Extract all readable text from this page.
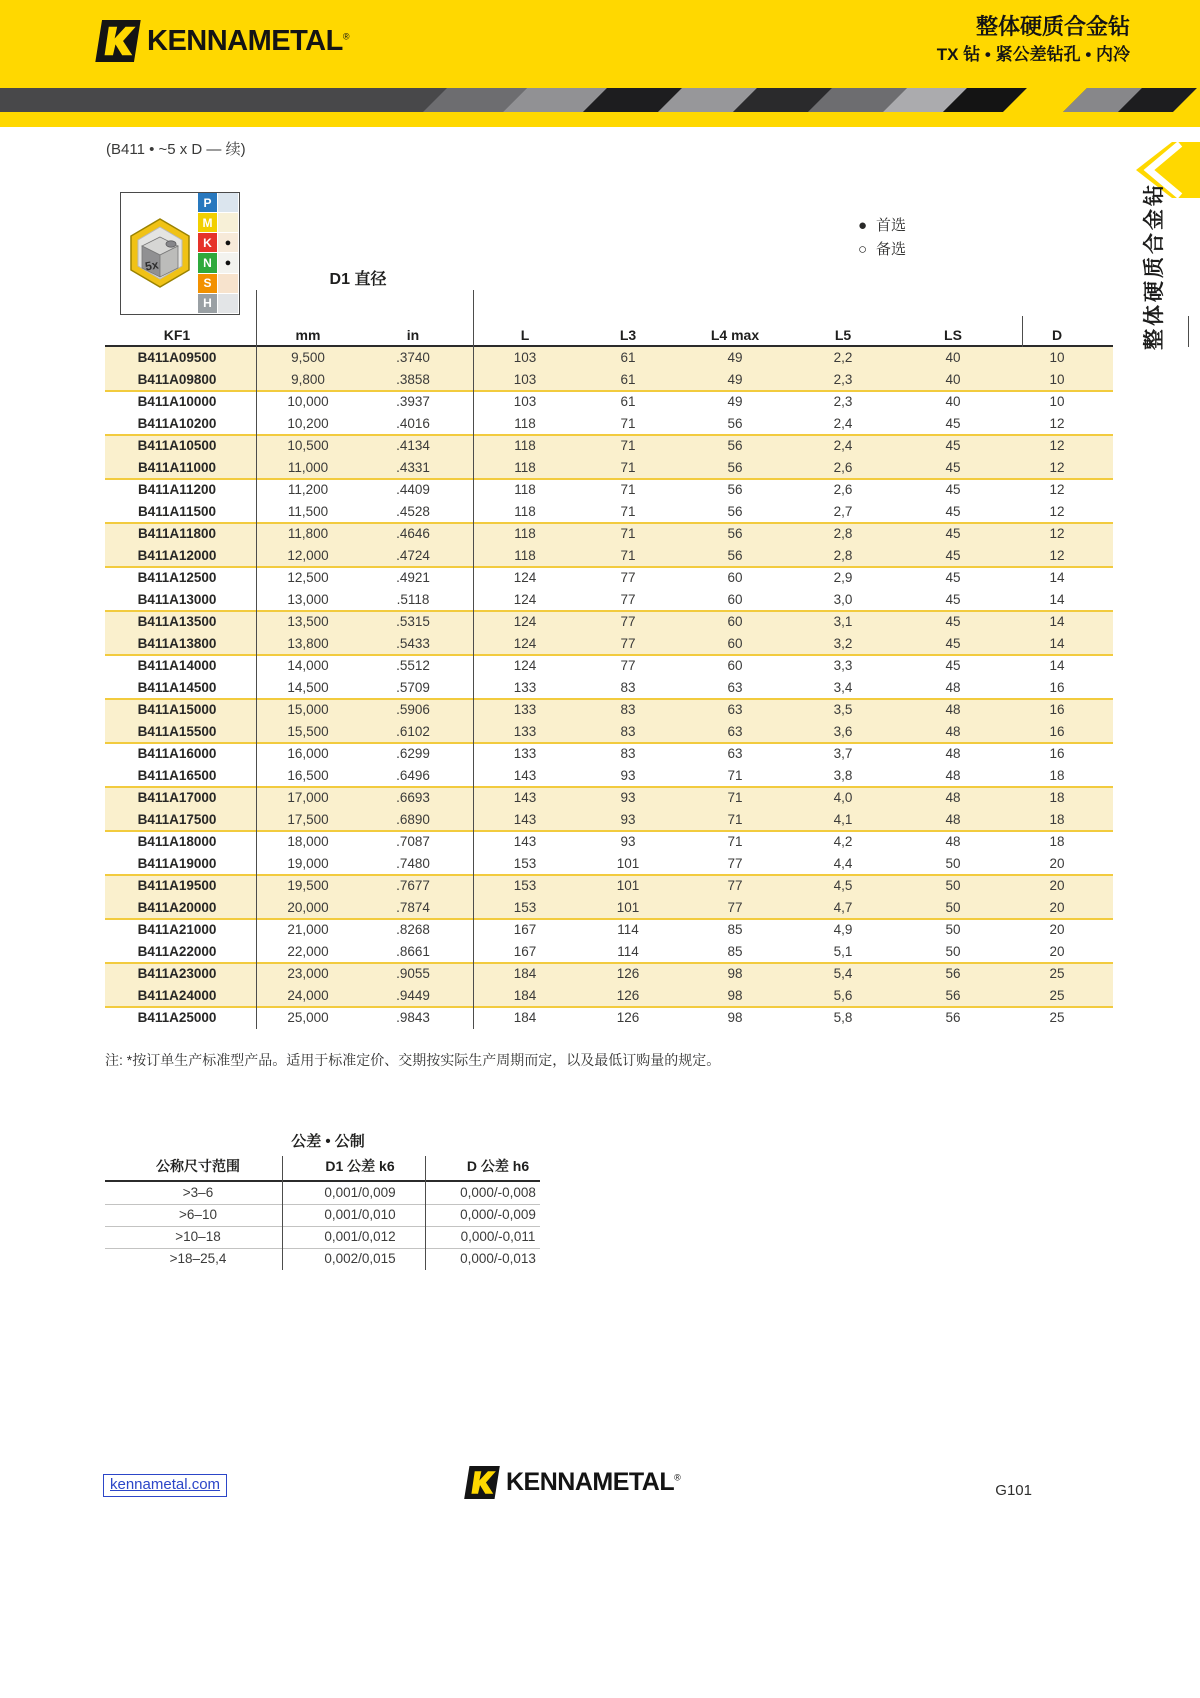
KENNAMETAL®	整体硬质合金钻
TX 钻 • 紧公差钻孔 • 内冷
(B411 • ~5 x D — 续)
整体硬质合金钻
● 首选
○ 备选
5x
P
M
K
N
S
H
●
●
D1 直径
KF1	mm	in	L	L3	L4 max	L5	LS	D
B411A09500	9,500	.3740	103	61	49	2,2	40	10
B411A09800	9,800	.3858	103	61	49	2,3	40	10
B411A10000	10,000	.3937	103	61	49	2,3	40	10
B411A10200	10,200	.4016	118	71	56	2,4	45	12
B411A10500	10,500	.4134	118	71	56	2,4	45	12
B411A11000	11,000	.4331	118	71	56	2,6	45	12
B411A11200	11,200	.4409	118	71	56	2,6	45	12
B411A11500	11,500	.4528	118	71	56	2,7	45	12
B411A11800	11,800	.4646	118	71	56	2,8	45	12
B411A12000	12,000	.4724	118	71	56	2,8	45	12
B411A12500	12,500	.4921	124	77	60	2,9	45	14
B411A13000	13,000	.5118	124	77	60	3,0	45	14
B411A13500	13,500	.5315	124	77	60	3,1	45	14
B411A13800	13,800	.5433	124	77	60	3,2	45	14
B411A14000	14,000	.5512	124	77	60	3,3	45	14
B411A14500	14,500	.5709	133	83	63	3,4	48	16
B411A15000	15,000	.5906	133	83	63	3,5	48	16
B411A15500	15,500	.6102	133	83	63	3,6	48	16
B411A16000	16,000	.6299	133	83	63	3,7	48	16
B411A16500	16,500	.6496	143	93	71	3,8	48	18
B411A17000	17,000	.6693	143	93	71	4,0	48	18
B411A17500	17,500	.6890	143	93	71	4,1	48	18
B411A18000	18,000	.7087	143	93	71	4,2	48	18
B411A19000	19,000	.7480	153	101	77	4,4	50	20
B411A19500	19,500	.7677	153	101	77	4,5	50	20
B411A20000	20,000	.7874	153	101	77	4,7	50	20
B411A21000	21,000	.8268	167	114	85	4,9	50	20
B411A22000	22,000	.8661	167	114	85	5,1	50	20
B411A23000	23,000	.9055	184	126	98	5,4	56	25
B411A24000	24,000	.9449	184	126	98	5,6	56	25
B411A25000	25,000	.9843	184	126	98	5,8	56	25
注: *按订单生产标准型产品。适用于标准定价、交期按实际生产周期而定，以及最低订购量的规定。
公差 • 公制
公称尺寸范围	D1 公差 k6	D 公差 h6
>3–6	0,001/0,009	0,000/-0,008
>6–10	0,001/0,010	0,000/-0,009
>10–18	0,001/0,012	0,000/-0,011
>18–25,4	0,002/0,015	0,000/-0,013
kennametal.com	KENNAMETAL®
G101
